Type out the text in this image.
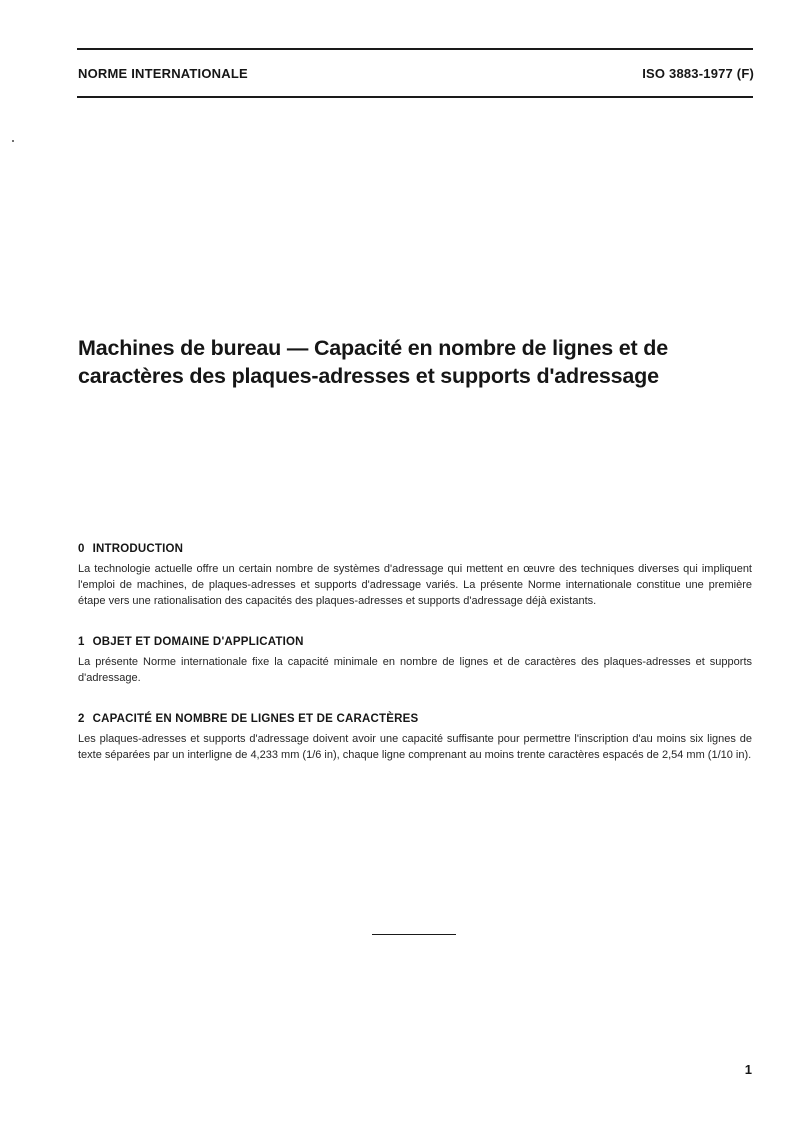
NORME INTERNATIONALE	ISO 3883-1977 (F)
Machines de bureau — Capacité en nombre de lignes et de
caractères des plaques-adresses et supports d'adressage
0 INTRODUCTION

La technologie actuelle offre un certain nombre de systèmes d'adressage qui mettent en œuvre des techniques diverses qui impliquent l'emploi de machines, de plaques-adresses et supports d'adressage variés. La présente Norme internationale constitue une première étape vers une rationalisation des capacités des plaques-adresses et supports d'adressage déjà existants.

1 OBJET ET DOMAINE D'APPLICATION

La présente Norme internationale fixe la capacité minimale en nombre de lignes et de caractères des plaques-adresses et supports d'adressage.

2 CAPACITÉ EN NOMBRE DE LIGNES ET DE CARACTÈRES

Les plaques-adresses et supports d'adressage doivent avoir une capacité suffisante pour permettre l'inscription d'au moins six lignes de texte séparées par un interligne de 4,233 mm (1/6 in), chaque ligne comprenant au moins trente caractères espacés de 2,54 mm (1/10 in).

1
